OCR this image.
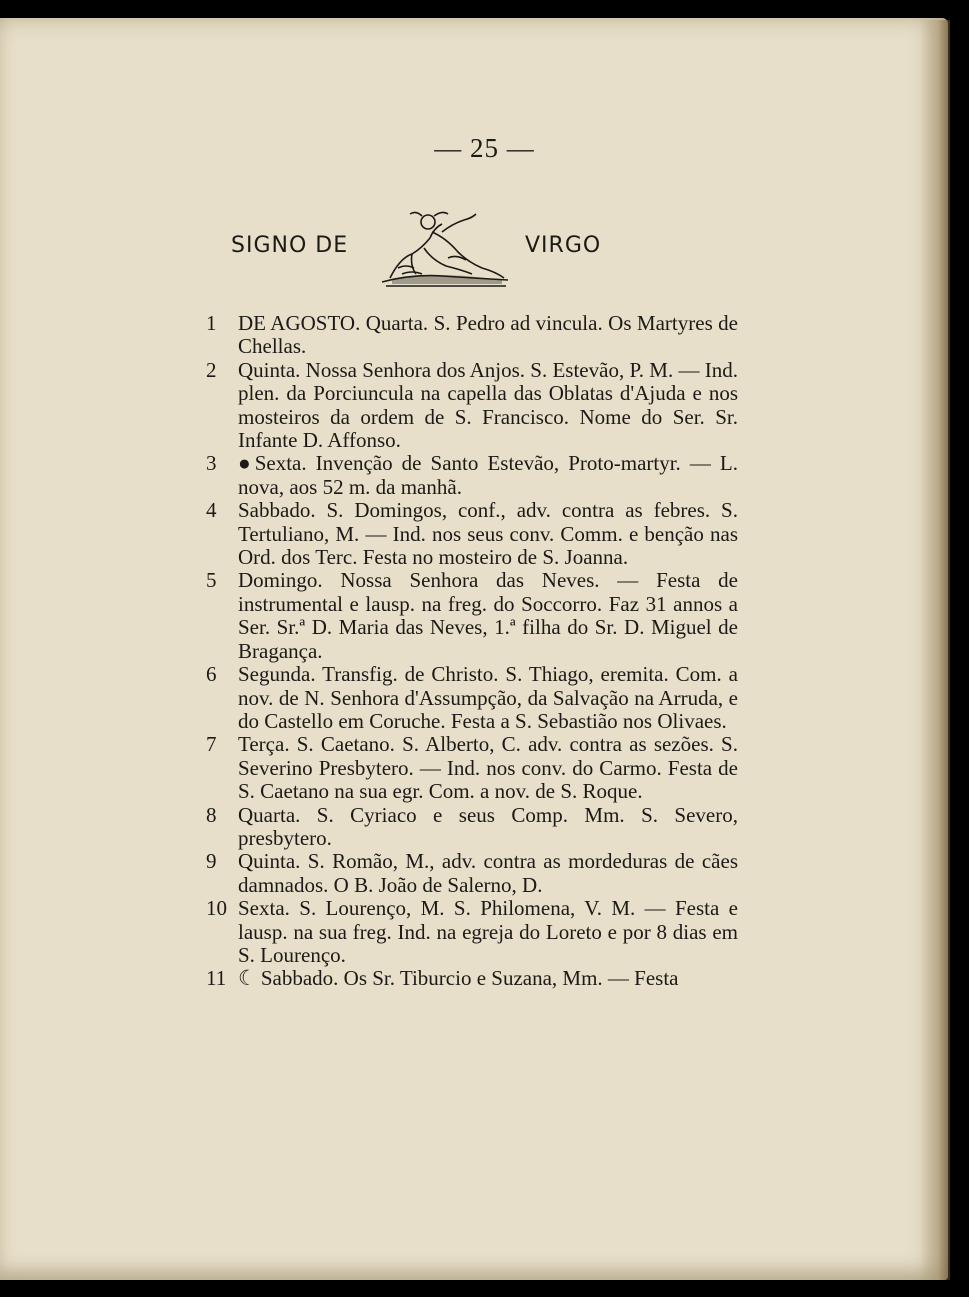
— 25 —
SIGNO DE	VIRGO
1 DE AGOSTO. Quarta. S. Pedro ad vincula. Os Martyres de Chellas.
2 Quinta. Nossa Senhora dos Anjos. S. Estevão, P. M. — Ind. plen. da Porciuncula na capella das Oblatas d'Ajuda e nos mosteiros da ordem de S. Francisco. Nome do Ser. Sr. Infante D. Affonso.
3 ● Sexta. Invenção de Santo Estevão, Proto-martyr. — L. nova, aos 52 m. da manhã.
4 Sabbado. S. Domingos, conf., adv. contra as febres. S. Tertuliano, M. — Ind. nos seus conv. Comm. e benção nas Ord. dos Terc. Festa no mosteiro de S. Joanna.
5 Domingo. Nossa Senhora das Neves. — Festa de instrumental e lausp. na freg. do Soccorro. Faz 31 annos a Ser. Sr.ª D. Maria das Neves, 1.ª filha do Sr. D. Miguel de Bragança.
6 Segunda. Transfig. de Christo. S. Thiago, eremita. Com. a nov. de N. Senhora d'Assumpção, da Salvação na Arruda, e do Castello em Coruche. Festa a S. Sebastião nos Olivaes.
7 Terça. S. Caetano. S. Alberto, C. adv. contra as sezões. S. Severino Presbytero. — Ind. nos conv. do Carmo. Festa de S. Caetano na sua egr. Com. a nov. de S. Roque.
8 Quarta. S. Cyriaco e seus Comp. Mm. S. Severo, presbytero.
9 Quinta. S. Romão, M., adv. contra as mordeduras de cães damnados. O B. João de Salerno, D.
10 Sexta. S. Lourenço, M. S. Philomena, V. M. — Festa e lausp. na sua freg. Ind. na egreja do Loreto e por 8 dias em S. Lourenço.
11 ☾ Sabbado. Os Sr. Tiburcio e Suzana, Mm. — Festa
